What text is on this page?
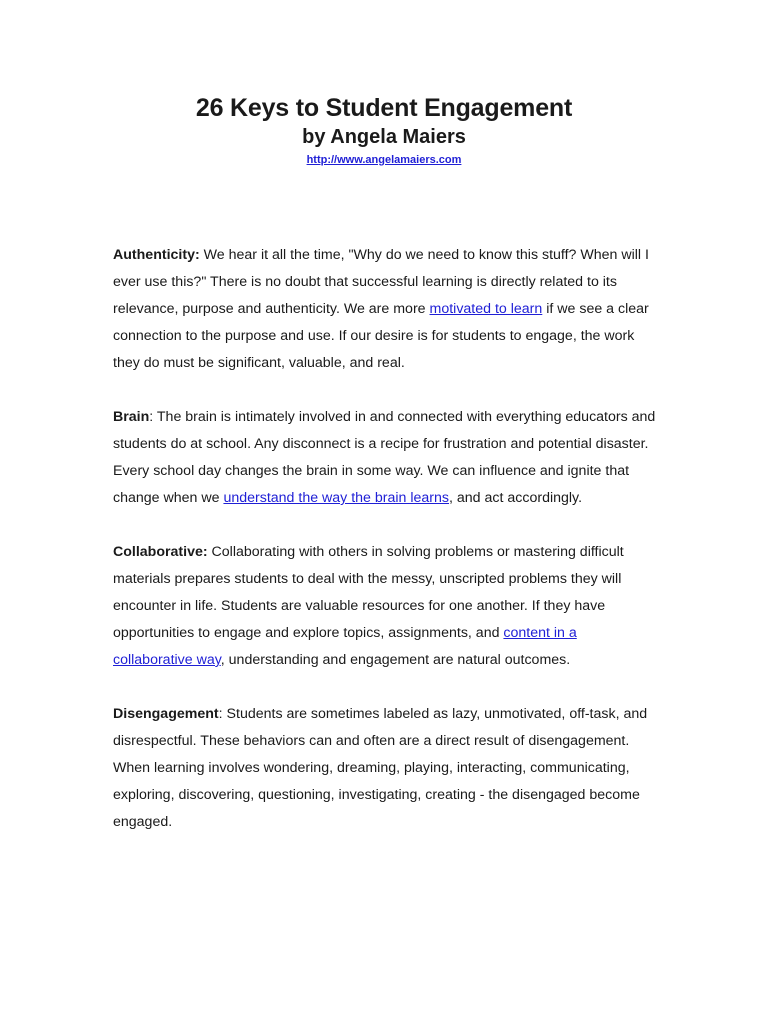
26 Keys to Student Engagement
by Angela Maiers
http://www.angelamaiers.com

Authenticity: We hear it all the time, "Why do we need to know this stuff? When will I ever use this?" There is no doubt that successful learning is directly related to its relevance, purpose and authenticity. We are more motivated to learn if we see a clear connection to the purpose and use. If our desire is for students to engage, the work they do must be significant, valuable, and real.

Brain: The brain is intimately involved in and connected with everything educators and students do at school. Any disconnect is a recipe for frustration and potential disaster. Every school day changes the brain in some way. We can influence and ignite that change when we understand the way the brain learns, and act accordingly.

Collaborative: Collaborating with others in solving problems or mastering difficult materials prepares students to deal with the messy, unscripted problems they will encounter in life. Students are valuable resources for one another. If they have opportunities to engage and explore topics, assignments, and content in a collaborative way, understanding and engagement are natural outcomes.

Disengagement: Students are sometimes labeled as lazy, unmotivated, off-task, and disrespectful. These behaviors can and often are a direct result of disengagement. When learning involves wondering, dreaming, playing, interacting, communicating, exploring, discovering, questioning, investigating, creating - the disengaged become engaged.
